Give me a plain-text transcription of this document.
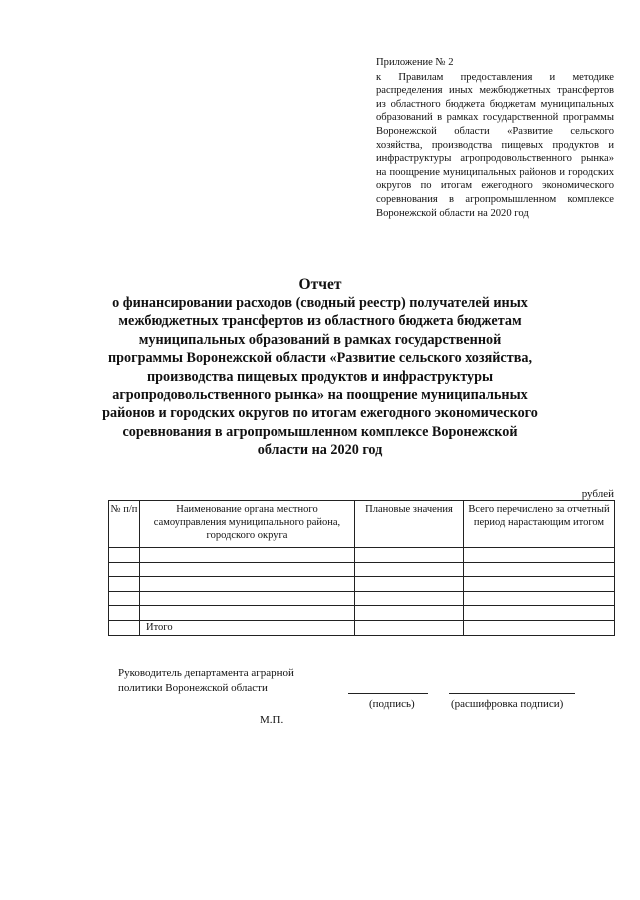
Приложение № 2
к Правилам предоставления и методике распределения иных межбюджетных трансфертов из областного бюджета бюджетам муниципальных образований в рамках государственной программы Воронежской области «Развитие сельского хозяйства, производства пищевых продуктов и инфраструктуры агропродовольственного рынка» на поощрение муниципальных районов и городских округов по итогам ежегодного экономического соревнования в агропромышленном комплексе Воронежской области на 2020 год
Отчет
о финансировании расходов (сводный реестр) получателей иных межбюджетных трансфертов из областного бюджета бюджетам муниципальных образований в рамках государственной программы Воронежской области «Развитие сельского хозяйства, производства пищевых продуктов и инфраструктуры агропродовольственного рынка» на поощрение муниципальных районов и городских округов по итогам ежегодного экономического соревнования в агропромышленном комплексе Воронежской области на 2020 год
рублей
№ п/п	Наименование органа местного самоуправления муниципального района, городского округа	Плановые значения	Всего перечислено за отчетный период нарастающим итогом

	Итого		
Руководитель департамента аграрной
политики Воронежской области
(подпись)	(расшифровка подписи)
М.П.
